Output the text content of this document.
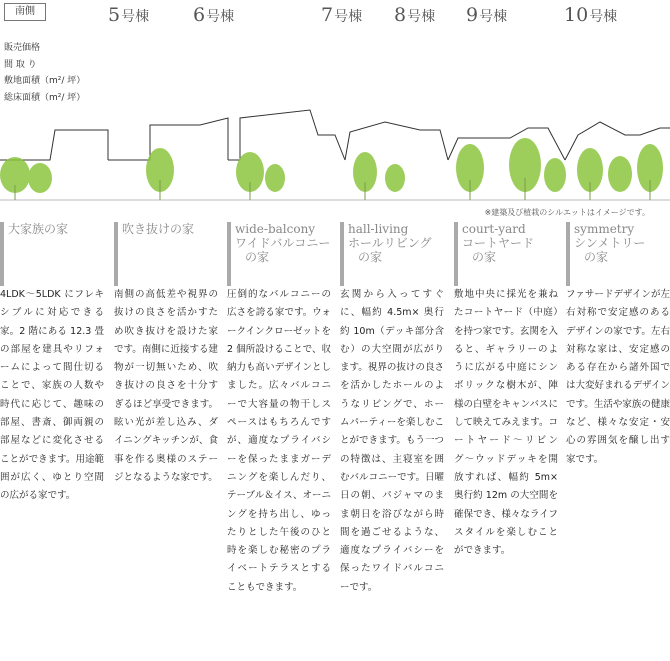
南側	5号棟 6号棟	7号棟 8号棟 9号棟	10号棟
販売価格
間 取 り
敷地面積（m²/ 坪）
総床面積（m²/ 坪）
※建築及び植栽のシルエットはイメージです。
大家族の家
4LDK〜5LDK にフレキシブルに対応できる家。2 階にある 12.3 畳の部屋を建具やリフォームによって間仕切ることで、家族の人数や時代に応じて、趣味の部屋、書斎、御両親の部屋などに変化させることができます。用途範囲が広く、ゆとり空間の広がる家です。
吹き抜けの家
南側の高低差や視界の抜けの良さを活かすため吹き抜けを設けた家です。南側に近接する建物が一切無いため、吹き抜けの良さを十分すぎるほど享受できます。眩い光が差し込み、ダイニングキッチンが、食事を作る奥様のステージとなるような家です。
wide-balcony
ワイドバルコニー
の家
圧倒的なバルコニーの広さを誇る家です。ウォークインクローゼットを 2 個所設けることで、収納力も高いデザインとしました。広々バルコニーで大容量の物干しスペースはもちろんですが、適度なプライバシーを保ったままガーデニングを楽しんだり、テーブル＆イス、オーニングを持ち出し、ゆったりとした午後のひと時を楽しむ秘密のプライベートテラスとすることもできます。
hall-living
ホールリビング
の家
玄関から入ってすぐに、幅約 4.5m× 奥行約 10m（デッキ部分含む）の大空間が広がります。視界の抜けの良さを活かしたホールのようなリビングで、ホームパーティーを楽しむことができます。もう一つの特徴は、主寝室を囲むバルコニーです。日曜日の朝、パジャマのまま朝日を浴びながら時間を過ごせるような、適度なプライバシーを保ったワイドバルコニーです。
court-yard
コートヤード
の家
敷地中央に採光を兼ねたコートヤード（中庭）を持つ家です。玄関を入ると、ギャラリーのように広がる中庭にシンボリックな樹木が、陣様の白壁をキャンバスにして映えてみえます。コートヤード〜リビング〜ウッドデッキを開放すれば、幅約 5m× 奥行約 12m の大空間を確保でき、様々なライフスタイルを楽しむことができます。
symmetry
シンメトリー
の家
ファサードデザインが左右対称で安定感のあるデザインの家です。左右対称な家は、安定感のある存在から諸外国では大変好まれるデザインです。生活や家族の健康など、様々な安定・安心の雰囲気を醸し出す家です。
